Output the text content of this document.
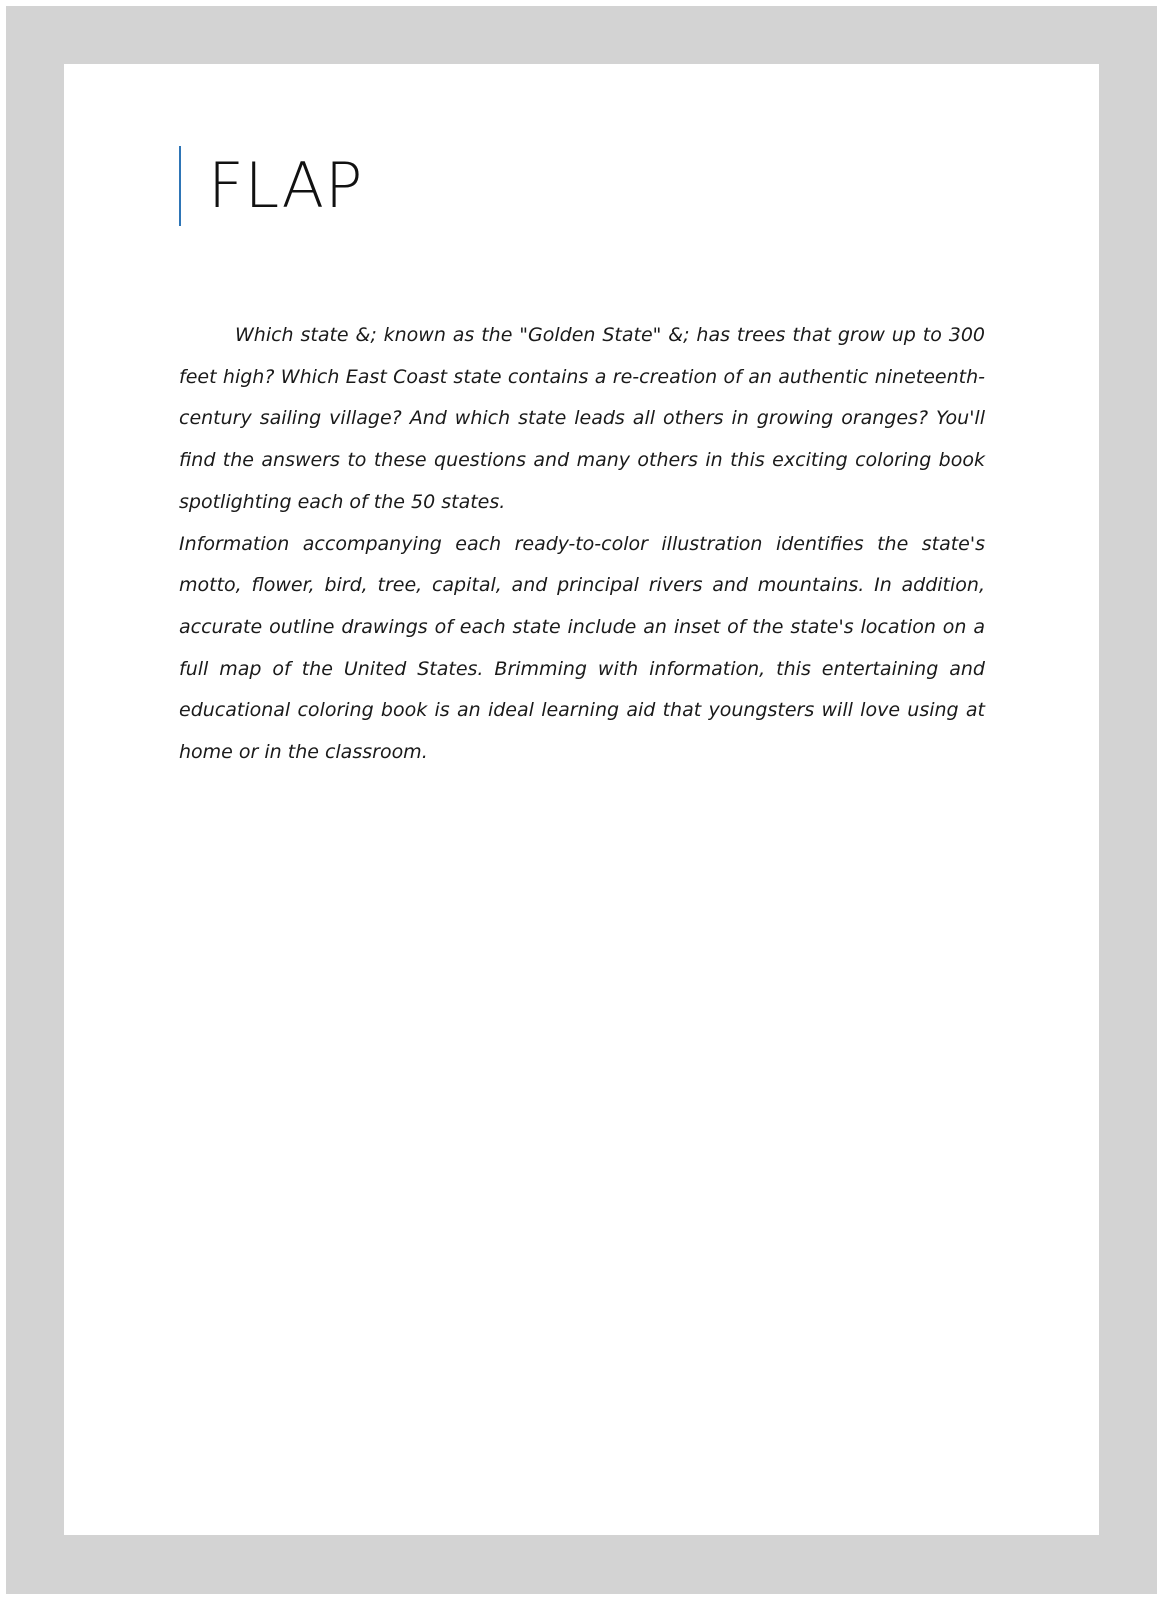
FLAP

Which state &; known as the "Golden State" &; has trees that grow up to 300 feet high? Which East Coast state contains a re-creation of an authentic nineteenth-century sailing village? And which state leads all others in growing oranges? You'll find the answers to these questions and many others in this exciting coloring book spotlighting each of the 50 states.

Information accompanying each ready-to-color illustration identifies the state's motto, flower, bird, tree, capital, and principal rivers and mountains. In addition, accurate outline drawings of each state include an inset of the state's location on a full map of the United States. Brimming with information, this entertaining and educational coloring book is an ideal learning aid that youngsters will love using at home or in the classroom.
